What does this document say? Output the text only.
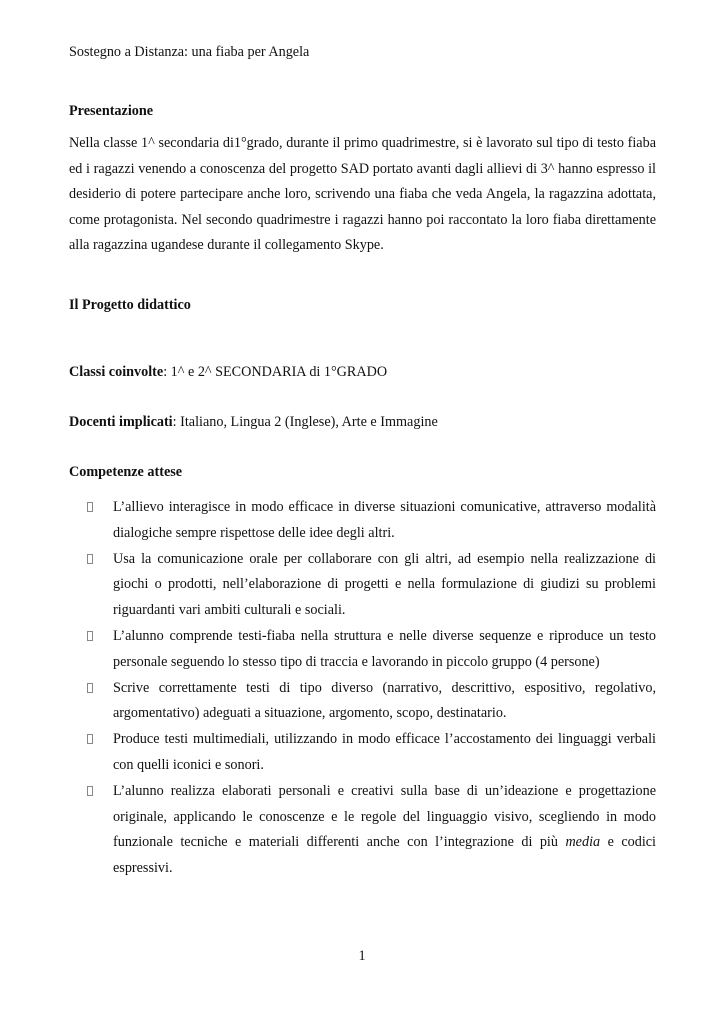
Sostegno a Distanza: una fiaba per Angela
Presentazione

Nella classe 1^ secondaria di1°grado, durante il primo quadrimestre, si è lavorato sul tipo di testo fiaba ed i ragazzi venendo a conoscenza del progetto SAD portato avanti dagli allievi di 3^ hanno espresso il desiderio di potere partecipare anche loro, scrivendo una fiaba che veda Angela, la ragazzina adottata, come protagonista. Nel secondo quadrimestre i ragazzi hanno poi raccontato la loro fiaba direttamente alla ragazzina ugandese durante il collegamento Skype.

Il Progetto didattico
Classi coinvolte: 1^ e 2^ SECONDARIA di 1°GRADO
Docenti implicati: Italiano, Lingua 2 (Inglese), Arte e Immagine
Competenze attese
L’allievo interagisce in modo efficace in diverse situazioni comunicative, attraverso modalità dialogiche sempre rispettose delle idee degli altri.
Usa la comunicazione orale per collaborare con gli altri, ad esempio nella realizzazione di giochi o prodotti, nell’elaborazione di progetti e nella formulazione di giudizi su problemi riguardanti vari ambiti culturali e sociali.
L’alunno comprende testi-fiaba nella struttura e nelle diverse sequenze e riproduce un testo personale seguendo lo stesso tipo di traccia e lavorando in piccolo gruppo (4 persone)
Scrive correttamente testi di tipo diverso (narrativo, descrittivo, espositivo, regolativo, argomentativo) adeguati a situazione, argomento, scopo, destinatario.
Produce testi multimediali, utilizzando in modo efficace l’accostamento dei linguaggi verbali con quelli iconici e sonori.
L’alunno realizza elaborati personali e creativi sulla base di un’ideazione e progettazione originale, applicando le conoscenze e le regole del linguaggio visivo, scegliendo in modo funzionale tecniche e materiali differenti anche con l’integrazione di più media e codici espressivi.
1
